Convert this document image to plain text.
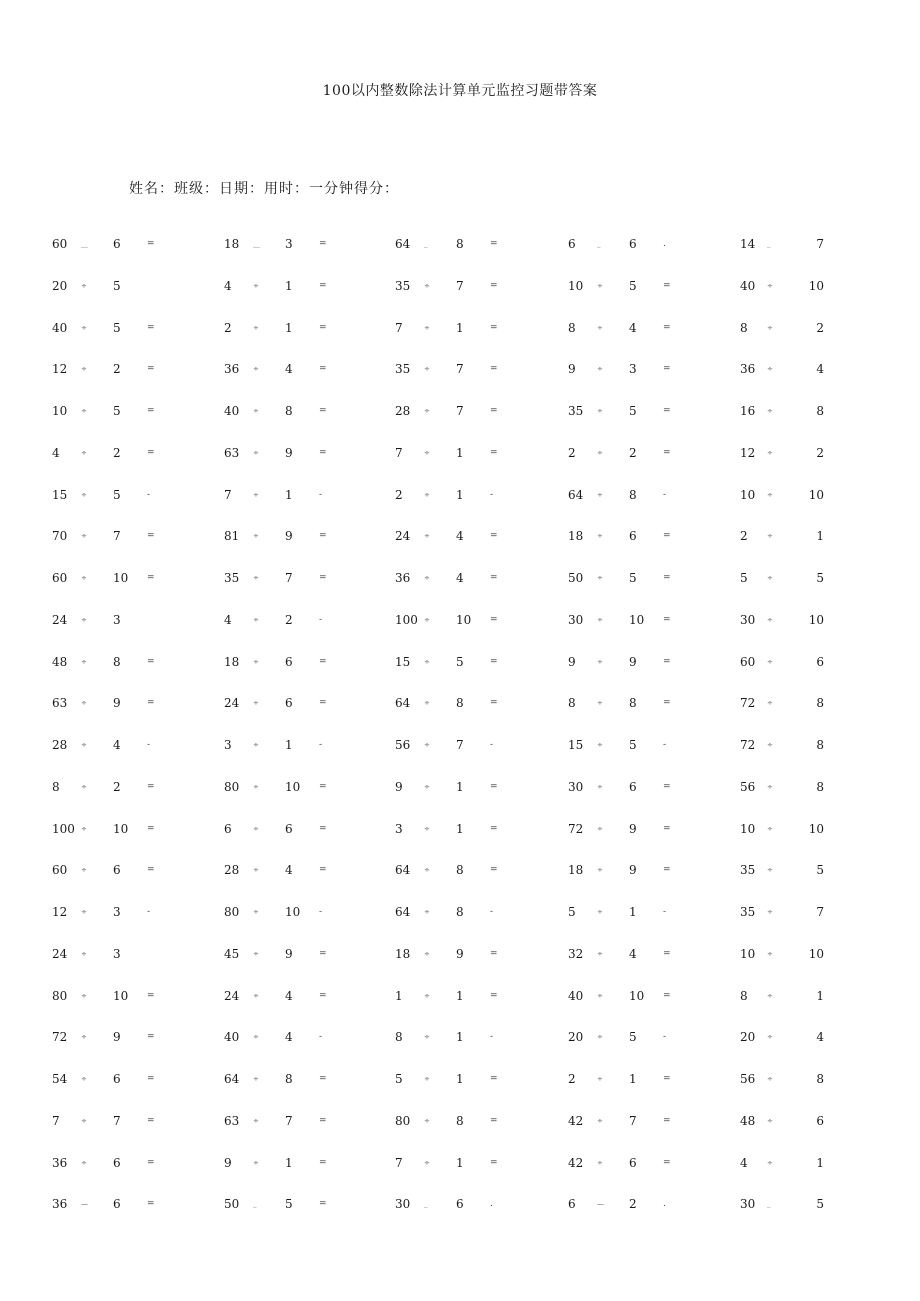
100以内整数除法计算单元监控习题带答案
姓名：班级：日期：用时：一分钟得分：
60 __ 6	=	18 __ 3	=	64 _ 8	=	6	_ 6	.	14 _	7
20 ÷ 5	4	÷ 1	=	35 ÷ 7	=	10 ÷ 5	=	40 ÷	10
40 ÷ 5	=	2	÷ 1	=	7	÷ 1	=	8	÷ 4	=	8	÷	2
12 ÷ 2	=	36 ÷ 4	=	35 ÷ 7	=	9	÷ 3	=	36 ÷	4
10 ÷ 5	=	40 ÷ 8	=	28 ÷ 7	=	35 ÷ 5	=	16 ÷	8
4	÷ 2	=	63 ÷ 9	=	7	÷ 1	=	2	÷ 2	=	12 ÷	2
15 ÷ 5	-	7	÷ 1	-	2	÷ 1	-	64 ÷ 8	-	10 ÷	10
70 ÷ 7	=	81 ÷ 9	=	24 ÷ 4	=	18 ÷ 6	=	2	÷	1
60 ÷ 10 =	35 ÷ 7	=	36 ÷ 4	=	50 ÷ 5	=	5	÷	5
24 ÷ 3	4	÷ 2	-	100 ÷ 10 =	30 ÷ 10 =	30 ÷	10
48 ÷ 8	=	18 ÷ 6	=	15 ÷ 5	=	9	÷ 9	=	60 ÷	6
63 ÷ 9	=	24 ÷ 6	=	64 ÷ 8	=	8	÷ 8	=	72 ÷	8
28 ÷ 4	-	3	÷ 1	-	56 ÷ 7	-	15 ÷ 5	-	72 ÷	8
8	÷ 2	=	80 ÷ 10 =	9	÷ 1	=	30 ÷ 6	=	56 ÷	8
100 ÷ 10 =	6	÷ 6	=	3	÷ 1	=	72 ÷ 9	=	10 ÷	10
60 ÷ 6	=	28 ÷ 4	=	64 ÷ 8	=	18 ÷ 9	=	35 ÷	5
12 ÷ 3	-	80 ÷ 10 -	64 ÷ 8	-	5	÷ 1	-	35 ÷	7
24 ÷ 3	45 ÷ 9	=	18 ÷ 9	=	32 ÷ 4	=	10 ÷	10
80 ÷ 10 =	24 ÷ 4	=	1	÷ 1	=	40 ÷ 10 =	8	÷	1
72 ÷ 9	=	40 ÷ 4	-	8	÷ 1	-	20 ÷ 5	-	20 ÷	4
54 ÷ 6	=	64 ÷ 8	=	5	÷ 1	=	2	÷ 1	=	56 ÷	8
7	÷ 7	=	63 ÷ 7	=	80 ÷ 8	=	42 ÷ 7	=	48 ÷	6
36 ÷ 6	=	9	÷ 1	=	7	÷ 1	=	42 ÷ 6	=	4	÷	1
36 — 6	=	50 _ 5	=	30 _ 6	.	6	— 2	.	30 _	5
